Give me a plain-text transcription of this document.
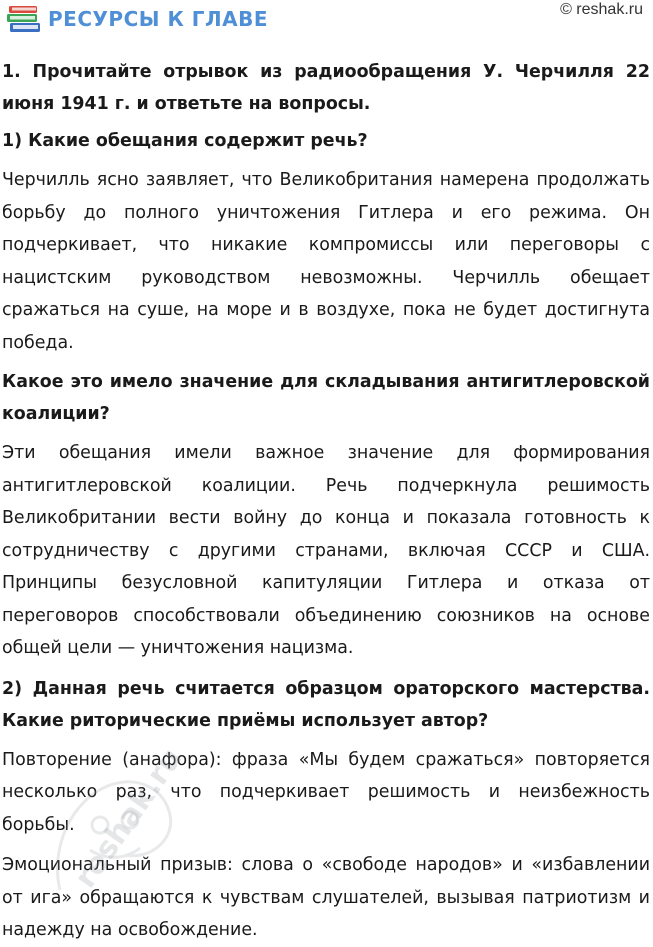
РЕСУРСЫ К ГЛАВЕ	© reshak.ru

1. Прочитайте отрывок из радиообращения У. Черчилля 22 июня 1941 г. и ответьте на вопросы.

1) Какие обещания содержит речь?

Черчилль ясно заявляет, что Великобритания намерена продолжать борьбу до полного уничтожения Гитлера и его режима. Он подчеркивает, что никакие компромиссы или переговоры с нацистским руководством невозможны. Черчилль обещает сражаться на суше, на море и в воздухе, пока не будет достигнута победа.

Какое это имело значение для складывания антигитлеровской коалиции?

Эти обещания имели важное значение для формирования антигитлеровской коалиции. Речь подчеркнула решимость Великобритании вести войну до конца и показала готовность к сотрудничеству с другими странами, включая СССР и США. Принципы безусловной капитуляции Гитлера и отказа от переговоров способствовали объединению союзников на основе общей цели — уничтожения нацизма.

2) Данная речь считается образцом ораторского мастерства. Какие риторические приёмы использует автор?

Повторение (анафора): фраза «Мы будем сражаться» повторяется несколько раз, что подчеркивает решимость и неизбежность борьбы.

Эмоциональный призыв: слова о «свободе народов» и «избавлении от ига» обращаются к чувствам слушателей, вызывая патриотизм и надежду на освобождение.

reshak.ru
